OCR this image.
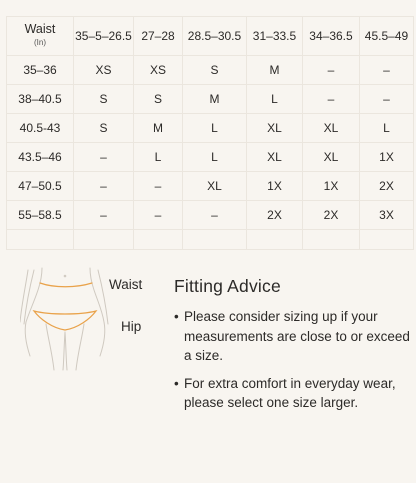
Waist
(In)	35–5–26.5	27–28	28.5–30.5	31–33.5	34–36.5	45.5–49
35–36	XS	XS	S	M	–	–
38–40.5	S	S	M	L	–	–
40.5-43	S	M	L	XL	XL	L
43.5–46	–	L	L	XL	XL	1X
47–50.5	–	–	XL	1X	1X	2X
55–58.5	–	–	–	2X	2X	3X

Waist
Hip
Fitting Advice
• Please consider sizing up if your measurements are close to or exceed a size.
• For extra comfort in everyday wear, please select one size larger.
